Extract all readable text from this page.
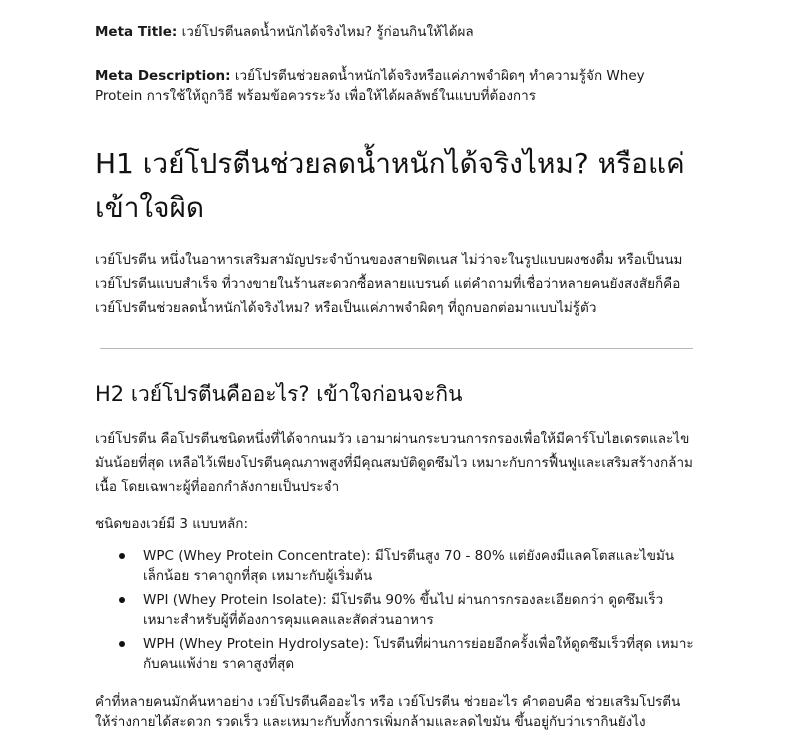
Meta Title: เวย์โปรตีนลดน้ำหนักได้จริงไหม? รู้ก่อนกินให้ได้ผล

Meta Description: เวย์โปรตีนช่วยลดน้ำหนักได้จริงหรือแค่ภาพจำผิดๆ ทำความรู้จัก Whey Protein การใช้ให้ถูกวิธี พร้อมข้อควรระวัง เพื่อให้ได้ผลลัพธ์ในแบบที่ต้องการ

H1 เวย์โปรตีนช่วยลดน้ำหนักได้จริงไหม? หรือแค่เข้าใจผิด

เวย์โปรตีน หนึ่งในอาหารเสริมสามัญประจำบ้านของสายฟิตเนส ไม่ว่าจะในรูปแบบผงชงดื่ม หรือเป็นนมเวย์โปรตีนแบบสำเร็จ ที่วางขายในร้านสะดวกซื้อหลายแบรนด์ แต่คำถามที่เชื่อว่าหลายคนยังสงสัยก็คือ เวย์โปรตีนช่วยลดน้ำหนักได้จริงไหม? หรือเป็นแค่ภาพจำผิดๆ ที่ถูกบอกต่อมาแบบไม่รู้ตัว

H2 เวย์โปรตีนคืออะไร? เข้าใจก่อนจะกิน

เวย์โปรตีน คือโปรตีนชนิดหนึ่งที่ได้จากนมวัว เอามาผ่านกระบวนการกรองเพื่อให้มีคาร์โบไฮเดรตและไขมันน้อยที่สุด เหลือไว้เพียงโปรตีนคุณภาพสูงที่มีคุณสมบัติดูดซึมไว เหมาะกับการฟื้นฟูและเสริมสร้างกล้ามเนื้อ โดยเฉพาะผู้ที่ออกกำลังกายเป็นประจำ

ชนิดของเวย์มี 3 แบบหลัก:

WPC (Whey Protein Concentrate): มีโปรตีนสูง 70 - 80% แต่ยังคงมีแลคโตสและไขมันเล็กน้อย ราคาถูกที่สุด เหมาะกับผู้เริ่มต้น
WPI (Whey Protein Isolate): มีโปรตีน 90% ขึ้นไป ผ่านการกรองละเอียดกว่า ดูดซึมเร็ว เหมาะสำหรับผู้ที่ต้องการคุมแคลและสัดส่วนอาหาร
WPH (Whey Protein Hydrolysate): โปรตีนที่ผ่านการย่อยอีกครั้งเพื่อให้ดูดซึมเร็วที่สุด เหมาะกับคนแพ้ง่าย ราคาสูงที่สุด

คำที่หลายคนมักค้นหาอย่าง เวย์โปรตีนคืออะไร หรือ เวย์โปรตีน ช่วยอะไร คำตอบคือ ช่วยเสริมโปรตีนให้ร่างกายได้สะดวก รวดเร็ว และเหมาะกับทั้งการเพิ่มกล้ามและลดไขมัน ขึ้นอยู่กับว่าเรากินยังไง
